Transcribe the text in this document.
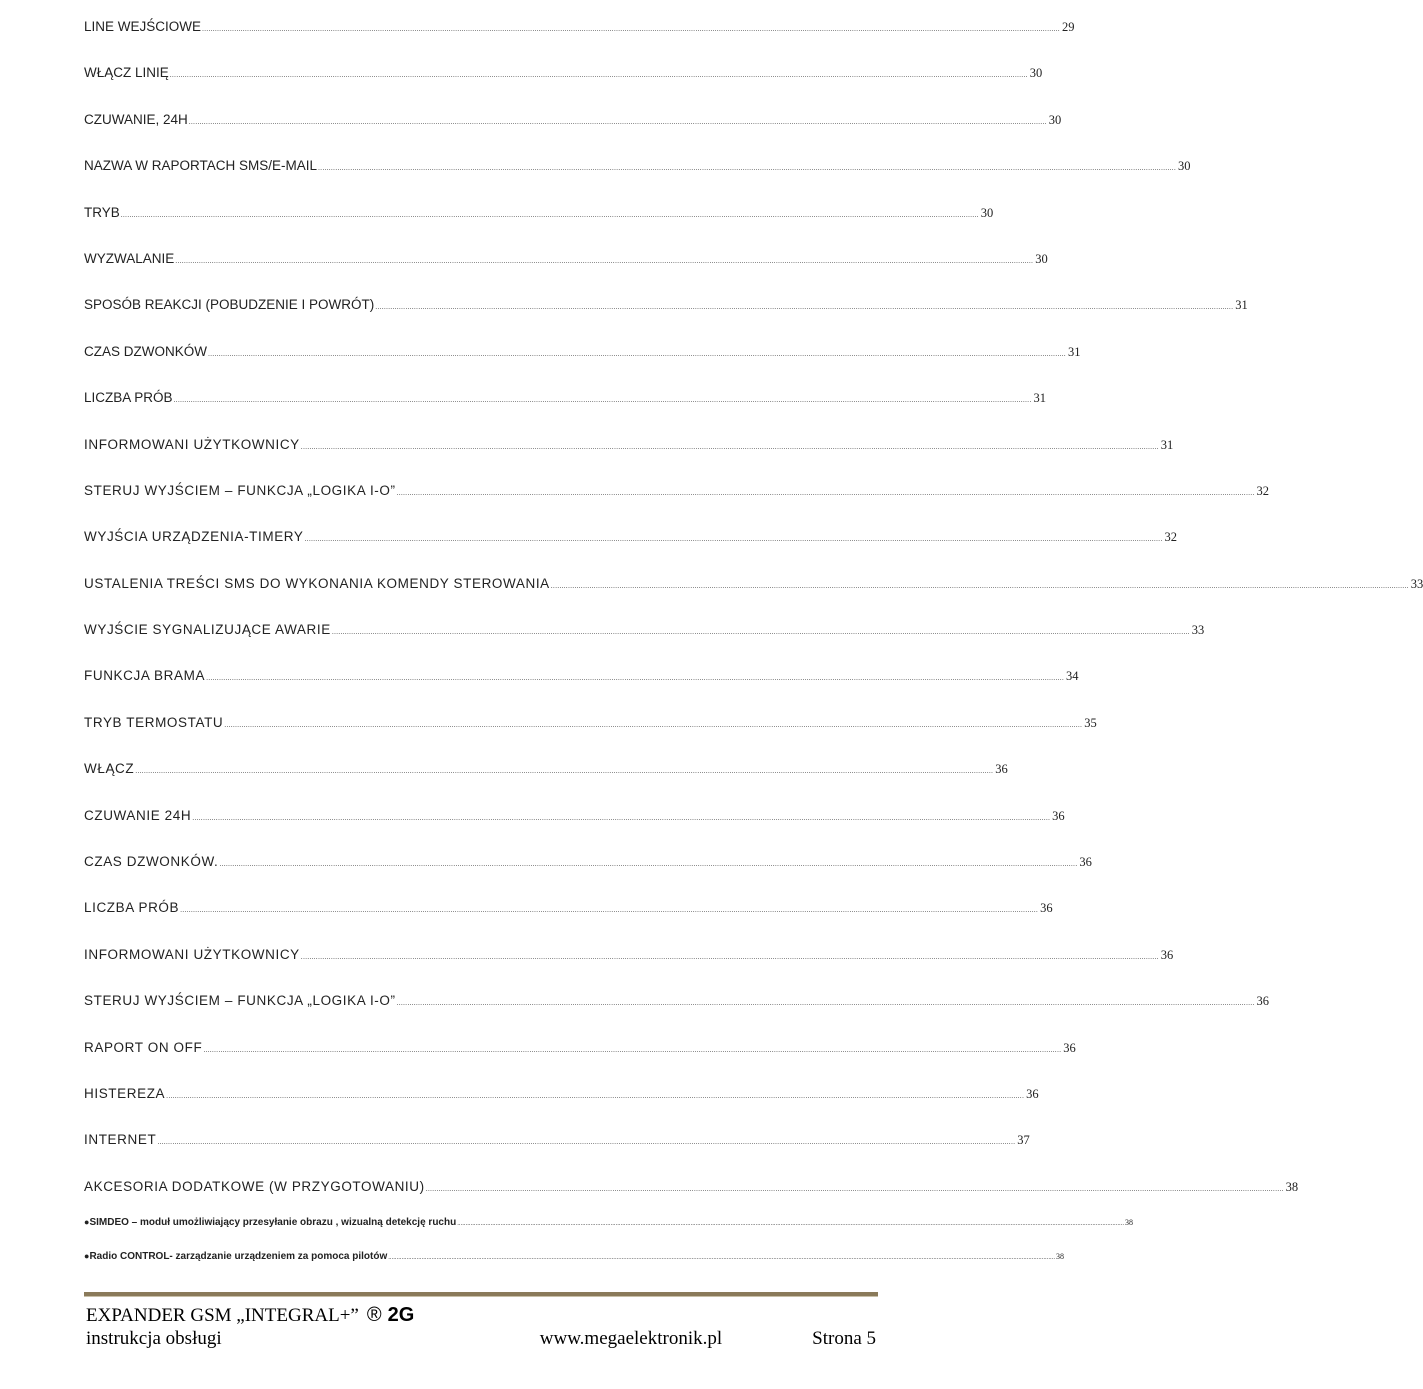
LINE WEJŚCIOWE ................................................................................................................................................................................................................................................................................................................................................................................................................ 29
WŁĄCZ LINIĘ ................................................................................................................................................................................................................................................................................................................................................................................................................ 30
CZUWANIE, 24H ................................................................................................................................................................................................................................................................................................................................................................................................................ 30
NAZWA W RAPORTACH SMS/E-MAIL ................................................................................................................................................................................................................................................................................................................................................................................................................ 30
TRYB ................................................................................................................................................................................................................................................................................................................................................................................................................ 30
WYZWALANIE ................................................................................................................................................................................................................................................................................................................................................................................................................ 30
SPOSÓB REAKCJI (POBUDZENIE I POWRÓT) ................................................................................................................................................................................................................................................................................................................................................................................................................ 31
CZAS DZWONKÓW ................................................................................................................................................................................................................................................................................................................................................................................................................ 31
LICZBA PRÓB ................................................................................................................................................................................................................................................................................................................................................................................................................ 31
INFORMOWANI UŻYTKOWNICY ................................................................................................................................................................................................................................................................................................................................................................................................................ 31
STERUJ WYJŚCIEM – FUNKCJA „LOGIKA I-O” ................................................................................................................................................................................................................................................................................................................................................................................................................ 32
WYJŚCIA URZĄDZENIA-TIMERY ................................................................................................................................................................................................................................................................................................................................................................................................................ 32
USTALENIA TREŚCI SMS DO WYKONANIA KOMENDY STEROWANIA ................................................................................................................................................................................................................................................................................................................................................................................................................ 33
WYJŚCIE SYGNALIZUJĄCE AWARIE ................................................................................................................................................................................................................................................................................................................................................................................................................ 33
FUNKCJA BRAMA ................................................................................................................................................................................................................................................................................................................................................................................................................ 34
TRYB TERMOSTATU ................................................................................................................................................................................................................................................................................................................................................................................................................ 35
WŁĄCZ ................................................................................................................................................................................................................................................................................................................................................................................................................ 36
CZUWANIE 24H ................................................................................................................................................................................................................................................................................................................................................................................................................ 36
CZAS DZWONKÓW. ................................................................................................................................................................................................................................................................................................................................................................................................................ 36
LICZBA PRÓB ................................................................................................................................................................................................................................................................................................................................................................................................................ 36
INFORMOWANI UŻYTKOWNICY ................................................................................................................................................................................................................................................................................................................................................................................................................ 36
STERUJ WYJŚCIEM – FUNKCJA „LOGIKA I-O” ................................................................................................................................................................................................................................................................................................................................................................................................................ 36
RAPORT ON OFF ................................................................................................................................................................................................................................................................................................................................................................................................................ 36
HISTEREZA ................................................................................................................................................................................................................................................................................................................................................................................................................ 36
INTERNET ................................................................................................................................................................................................................................................................................................................................................................................................................ 37
AKCESORIA DODATKOWE (W PRZYGOTOWANIU) ................................................................................................................................................................................................................................................................................................................................................................................................................ 38
● SIMDEO – moduł umożliwiający przesyłanie obrazu , wizualną detekcję ruchu ................................................................................................................................................................................................................................................................................................................................................................................................................ 38
● Radio CONTROL- zarządzanie urządzeniem za pomoca pilotów ................................................................................................................................................................................................................................................................................................................................................................................................................ 38
EXPANDER GSM „INTEGRAL+” ® 2G
instrukcja obsługi	www.megaelektronik.pl	Strona 5
